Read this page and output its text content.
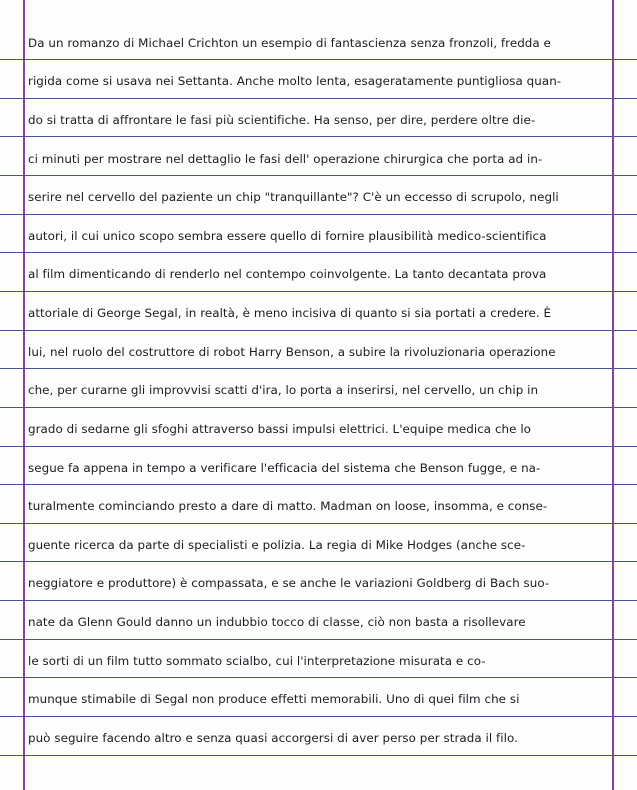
Da un romanzo di Michael Crichton un esempio di fantascienza senza fronzoli, fredda e
rigida come si usava nei Settanta. Anche molto lenta, esageratamente puntigliosa quan-
do si tratta di affrontare le fasi più scientifiche. Ha senso, per dire, perdere oltre die-
ci minuti per mostrare nel dettaglio le fasi dell' operazione chirurgica che porta ad in-
serire nel cervello del paziente un chip "tranquillante"? C'è un eccesso di scrupolo, negli
autori, il cui unico scopo sembra essere quello di fornire plausibilità medico-scientifica
al film dimenticando di renderlo nel contempo coinvolgente. La tanto decantata prova
attoriale di George Segal, in realtà, è meno incisiva di quanto si sia portati a credere. È
lui, nel ruolo del costruttore di robot Harry Benson, a subire la rivoluzionaria operazione
che, per curarne gli improvvisi scatti d'ira, lo porta a inserirsi, nel cervello, un chip in
grado di sedarne gli sfoghi attraverso bassi impulsi elettrici. L'equipe medica che lo
segue fa appena in tempo a verificare l'efficacia del sistema che Benson fugge, e na-
turalmente cominciando presto a dare di matto. Madman on loose, insomma, e conse-
guente ricerca da parte di specialisti e polizia. La regia di Mike Hodges (anche sce-
neggiatore e produttore) è compassata, e se anche le variazioni Goldberg di Bach suo-
nate da Glenn Gould danno un indubbio tocco di classe, ciò non basta a risollevare
le sorti di un film tutto sommato scialbo, cui l'interpretazione misurata e co-
munque stimabile di Segal non produce effetti memorabili. Uno di quei film che si
può seguire facendo altro e senza quasi accorgersi di aver perso per strada il filo.
